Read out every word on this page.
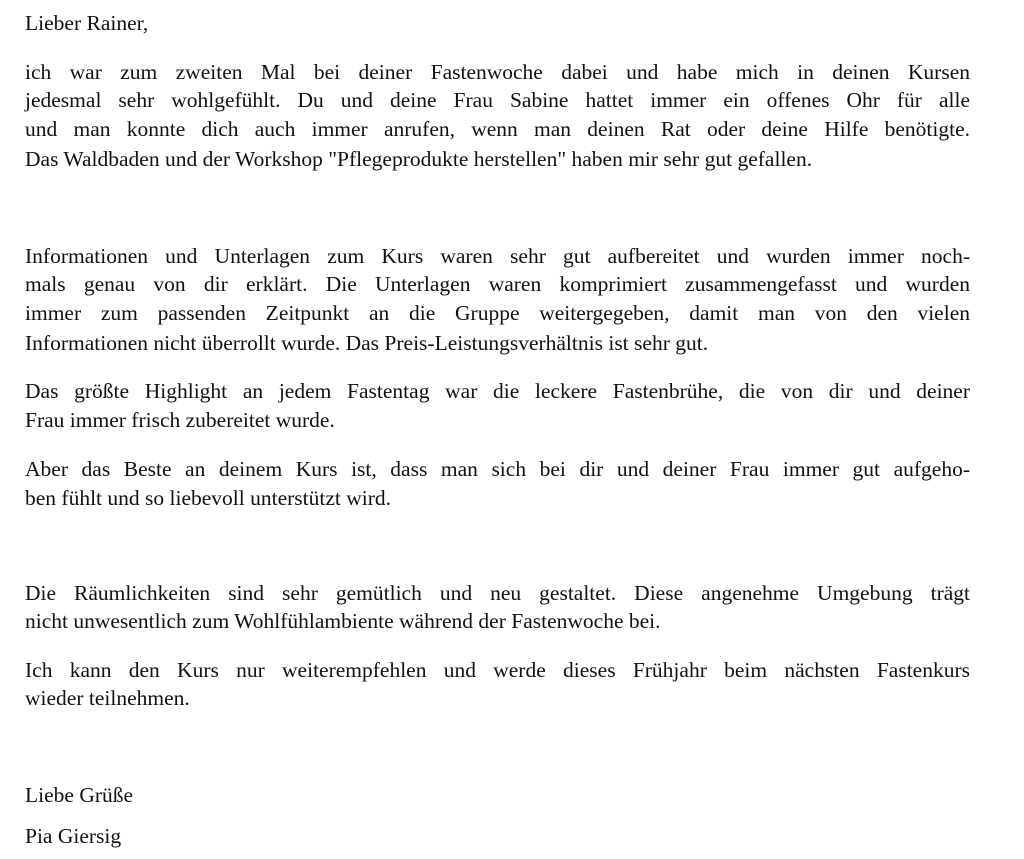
Lieber Rainer,
ich war zum zweiten Mal bei deiner Fastenwoche dabei und habe mich in deinen Kursen
jedesmal sehr wohlgefühlt. Du und deine Frau Sabine hattet immer ein offenes Ohr für alle
und man konnte dich auch immer anrufen, wenn man deinen Rat oder deine Hilfe benötigte.
Das Waldbaden und der Workshop "Pflegeprodukte herstellen" haben mir sehr gut gefallen.
Informationen und Unterlagen zum Kurs waren sehr gut aufbereitet und wurden immer noch-
mals genau von dir erklärt. Die Unterlagen waren komprimiert zusammengefasst und wurden
immer zum passenden Zeitpunkt an die Gruppe weitergegeben, damit man von den vielen
Informationen nicht überrollt wurde. Das Preis-Leistungsverhältnis ist sehr gut.
Das größte Highlight an jedem Fastentag war die leckere Fastenbrühe, die von dir und deiner
Frau immer frisch zubereitet wurde.
Aber das Beste an deinem Kurs ist, dass man sich bei dir und deiner Frau immer gut aufgeho-
ben fühlt und so liebevoll unterstützt wird.
Die Räumlichkeiten sind sehr gemütlich und neu gestaltet. Diese angenehme Umgebung trägt
nicht unwesentlich zum Wohlfühlambiente während der Fastenwoche bei.
Ich kann den Kurs nur weiterempfehlen und werde dieses Frühjahr beim nächsten Fastenkurs
wieder teilnehmen.
Liebe Grüße
Pia Giersig
